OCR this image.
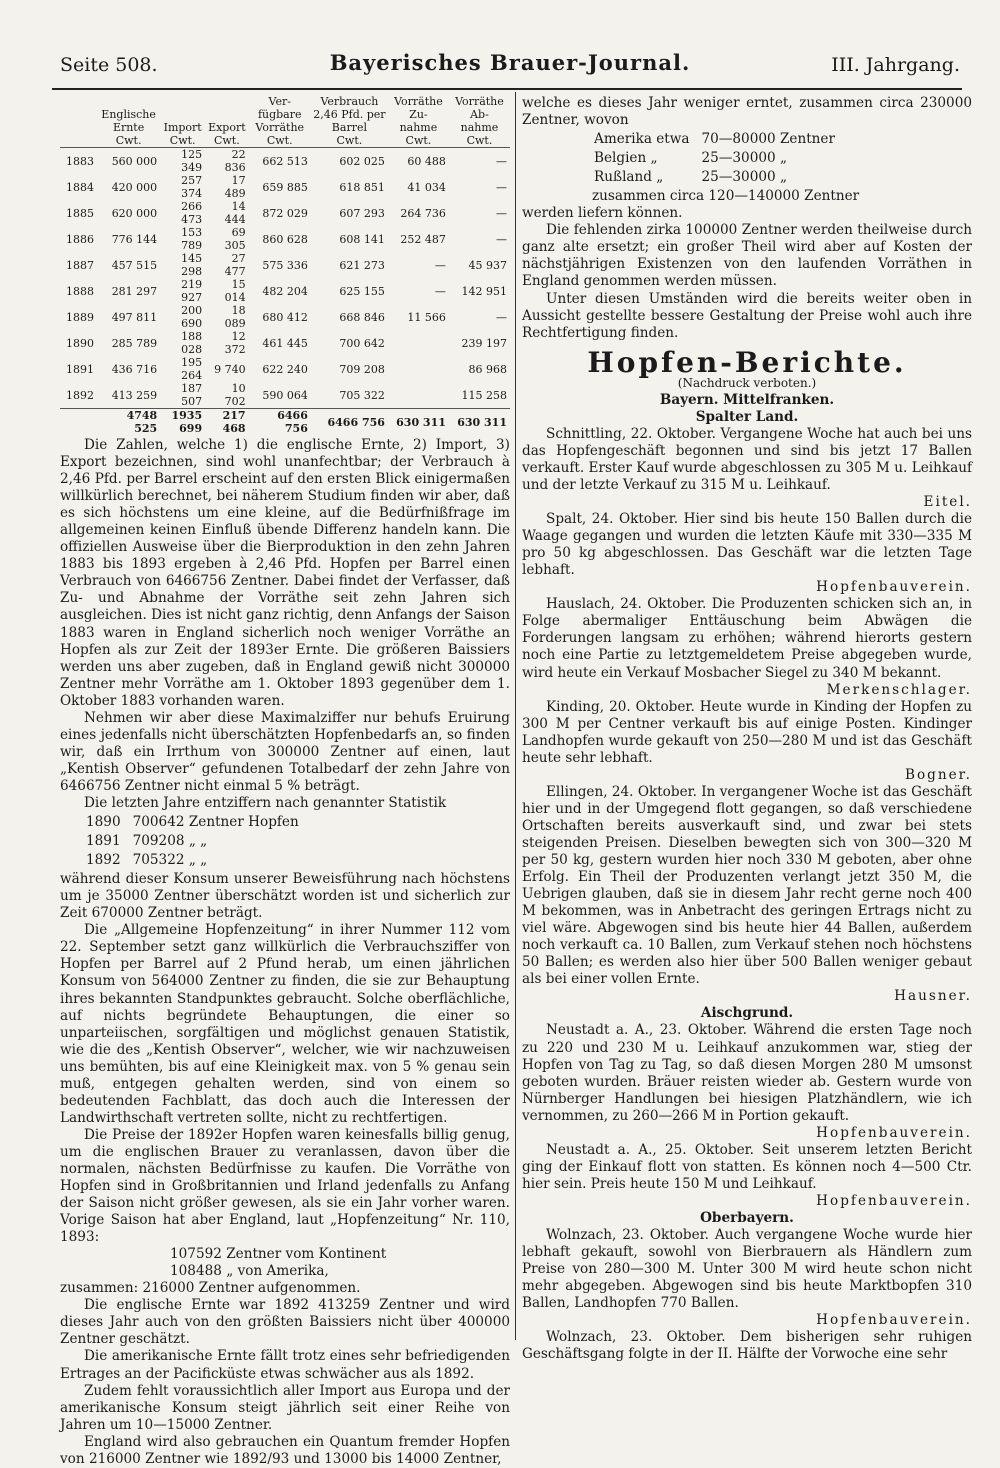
Seite 508.	Bayerisches Brauer-Journal.	III. Jahrgang.
	Englische Ernte	Import	Export	Ver- fügbare Vorräthe	Verbrauch 2,46 Pfd. per Barrel	Vorräthe Zu- nahme	Vorräthe Ab- nahme
	Cwt.	Cwt.	Cwt.	Cwt.	Cwt.	Cwt.	Cwt.
1883	560 000	125 349	22 836	662 513	602 025	60 488	—
1884	420 000	257 374	17 489	659 885	618 851	41 034	—
1885	620 000	266 473	14 444	872 029	607 293	264 736	—
1886	776 144	153 789	69 305	860 628	608 141	252 487	—
1887	457 515	145 298	27 477	575 336	621 273	—	45 937
1888	281 297	219 927	15 014	482 204	625 155	—	142 951
1889	497 811	200 690	18 089	680 412	668 846	11 566	—
1890	285 789	188 028	12 372	461 445	700 642		239 197
1891	436 716	195 264	9 740	622 240	709 208		86 968
1892	413 259	187 507	10 702	590 064	705 322		115 258
	4748 525	1935 699	217 468	6466 756	6466 756	630 311	630 311

Die Zahlen, welche 1) die englische Ernte, 2) Import, 3) Export bezeichnen, sind wohl unanfechtbar; der Verbrauch à 2,46 Pfd. per Barrel erscheint auf den ersten Blick einigermaßen willkürlich berechnet, bei näherem Studium finden wir aber, daß es sich höchstens um eine kleine, auf die Bedürfnißfrage im allgemeinen keinen Einfluß übende Differenz handeln kann. Die offiziellen Ausweise über die Bierproduktion in den zehn Jahren 1883 bis 1893 ergeben à 2,46 Pfd. Hopfen per Barrel einen Verbrauch von 6466756 Zentner. Dabei findet der Verfasser, daß Zu- und Abnahme der Vorräthe seit zehn Jahren sich ausgleichen. Dies ist nicht ganz richtig, denn Anfangs der Saison 1883 waren in England sicherlich noch weniger Vorräthe an Hopfen als zur Zeit der 1893er Ernte. Die größeren Baissiers werden uns aber zugeben, daß in England gewiß nicht 300000 Zentner mehr Vorräthe am 1. Oktober 1893 gegenüber dem 1. Oktober 1883 vorhanden waren.

Nehmen wir aber diese Maximalziffer nur behufs Eruirung eines jedenfalls nicht überschätzten Hopfenbedarfs an, so finden wir, daß ein Irrthum von 300000 Zentner auf einen, laut „Kentish Observer“ gefundenen Totalbedarf der zehn Jahre von 6466756 Zentner nicht einmal 5 % beträgt.

Die letzten Jahre entziffern nach genannter Statistik

1890	700642 Zentner Hopfen
1891	709208 „ „
1892	705322 „ „

während dieser Konsum unserer Beweisführung nach höchstens um je 35000 Zentner überschätzt worden ist und sicherlich zur Zeit 670000 Zentner beträgt.

Die „Allgemeine Hopfenzeitung“ in ihrer Nummer 112 vom 22. September setzt ganz willkürlich die Verbrauchsziffer von Hopfen per Barrel auf 2 Pfund herab, um einen jährlichen Konsum von 564000 Zentner zu finden, die sie zur Behauptung ihres bekannten Standpunktes gebraucht. Solche oberflächliche, auf nichts begründete Behauptungen, die einer so unparteiischen, sorgfältigen und möglichst genauen Statistik, wie die des „Kentish Observer“, welcher, wie wir nachzuweisen uns bemühten, bis auf eine Kleinigkeit max. von 5 % genau sein muß, entgegen gehalten werden, sind von einem so bedeutenden Fachblatt, das doch auch die Interessen der Landwirthschaft vertreten sollte, nicht zu rechtfertigen.

Die Preise der 1892er Hopfen waren keinesfalls billig genug, um die englischen Brauer zu veranlassen, davon über die normalen, nächsten Bedürfnisse zu kaufen. Die Vorräthe von Hopfen sind in Großbritannien und Irland jedenfalls zu Anfang der Saison nicht größer gewesen, als sie ein Jahr vorher waren. Vorige Saison hat aber England, laut „Hopfenzeitung“ Nr. 110, 1893:

107592 Zentner vom Kontinent

108488 „ von Amerika,

zusammen: 216000 Zentner aufgenommen.

Die englische Ernte war 1892 413259 Zentner und wird dieses Jahr auch von den größten Baissiers nicht über 400000 Zentner geschätzt.

Die amerikanische Ernte fällt trotz eines sehr befriedigenden Ertrages an der Pacificküste etwas schwächer aus als 1892.

Zudem fehlt voraussichtlich aller Import aus Europa und der amerikanische Konsum steigt jährlich seit einer Reihe von Jahren um 10—15000 Zentner.

England wird also gebrauchen ein Quantum fremder Hopfen von 216000 Zentner wie 1892/93 und 13000 bis 14000 Zentner,

welche es dieses Jahr weniger erntet, zusammen circa 230000 Zentner, wovon

Amerika etwa	70—80000 Zentner
Belgien „	25—30000 „
Rußland „	25—30000 „

zusammen circa 120—140000 Zentner

werden liefern können.

Die fehlenden zirka 100000 Zentner werden theilweise durch ganz alte ersetzt; ein großer Theil wird aber auf Kosten der nächstjährigen Existenzen von den laufenden Vorräthen in England genommen werden müssen.

Unter diesen Umständen wird die bereits weiter oben in Aussicht gestellte bessere Gestaltung der Preise wohl auch ihre Rechtfertigung finden.

Hopfen-Berichte.

(Nachdruck verboten.)

Bayern. Mittelfranken.

Spalter Land.

Schnittling, 22. Oktober. Vergangene Woche hat auch bei uns das Hopfengeschäft begonnen und sind bis jetzt 17 Ballen verkauft. Erster Kauf wurde abgeschlossen zu 305 M u. Leihkauf und der letzte Verkauf zu 315 M u. Leihkauf.

Eitel.

Spalt, 24. Oktober. Hier sind bis heute 150 Ballen durch die Waage gegangen und wurden die letzten Käufe mit 330—335 M pro 50 kg abgeschlossen. Das Geschäft war die letzten Tage lebhaft.

Hopfenbauverein.

Hauslach, 24. Oktober. Die Produzenten schicken sich an, in Folge abermaliger Enttäuschung beim Abwägen die Forderungen langsam zu erhöhen; während hierorts gestern noch eine Partie zu letztgemeldetem Preise abgegeben wurde, wird heute ein Verkauf Mosbacher Siegel zu 340 M bekannt.

Merkenschlager.

Kinding, 20. Oktober. Heute wurde in Kinding der Hopfen zu 300 M per Centner verkauft bis auf einige Posten. Kindinger Landhopfen wurde gekauft von 250—280 M und ist das Geschäft heute sehr lebhaft.

Bogner.

Ellingen, 24. Oktober. In vergangener Woche ist das Geschäft hier und in der Umgegend flott gegangen, so daß verschiedene Ortschaften bereits ausverkauft sind, und zwar bei stets steigenden Preisen. Dieselben bewegten sich von 300—320 M per 50 kg, gestern wurden hier noch 330 M geboten, aber ohne Erfolg. Ein Theil der Produzenten verlangt jetzt 350 M, die Uebrigen glauben, daß sie in diesem Jahr recht gerne noch 400 M bekommen, was in Anbetracht des geringen Ertrags nicht zu viel wäre. Abgewogen sind bis heute hier 44 Ballen, außerdem noch verkauft ca. 10 Ballen, zum Verkauf stehen noch höchstens 50 Ballen; es werden also hier über 500 Ballen weniger gebaut als bei einer vollen Ernte.

Hausner.

Aischgrund.

Neustadt a. A., 23. Oktober. Während die ersten Tage noch zu 220 und 230 M u. Leihkauf anzukommen war, stieg der Hopfen von Tag zu Tag, so daß diesen Morgen 280 M umsonst geboten wurden. Bräuer reisten wieder ab. Gestern wurde von Nürnberger Handlungen bei hiesigen Platzhändlern, wie ich vernommen, zu 260—266 M in Portion gekauft.

Hopfenbauverein.

Neustadt a. A., 25. Oktober. Seit unserem letzten Bericht ging der Einkauf flott von statten. Es können noch 4—500 Ctr. hier sein. Preis heute 150 M und Leihkauf.

Hopfenbauverein.

Oberbayern.

Wolnzach, 23. Oktober. Auch vergangene Woche wurde hier lebhaft gekauft, sowohl von Bierbrauern als Händlern zum Preise von 280—300 M. Unter 300 M wird heute schon nicht mehr abgegeben. Abgewogen sind bis heute Marktbopfen 310 Ballen, Landhopfen 770 Ballen.

Hopfenbauverein.

Wolnzach, 23. Oktober. Dem bisherigen sehr ruhigen Geschäftsgang folgte in der II. Hälfte der Vorwoche eine sehr
